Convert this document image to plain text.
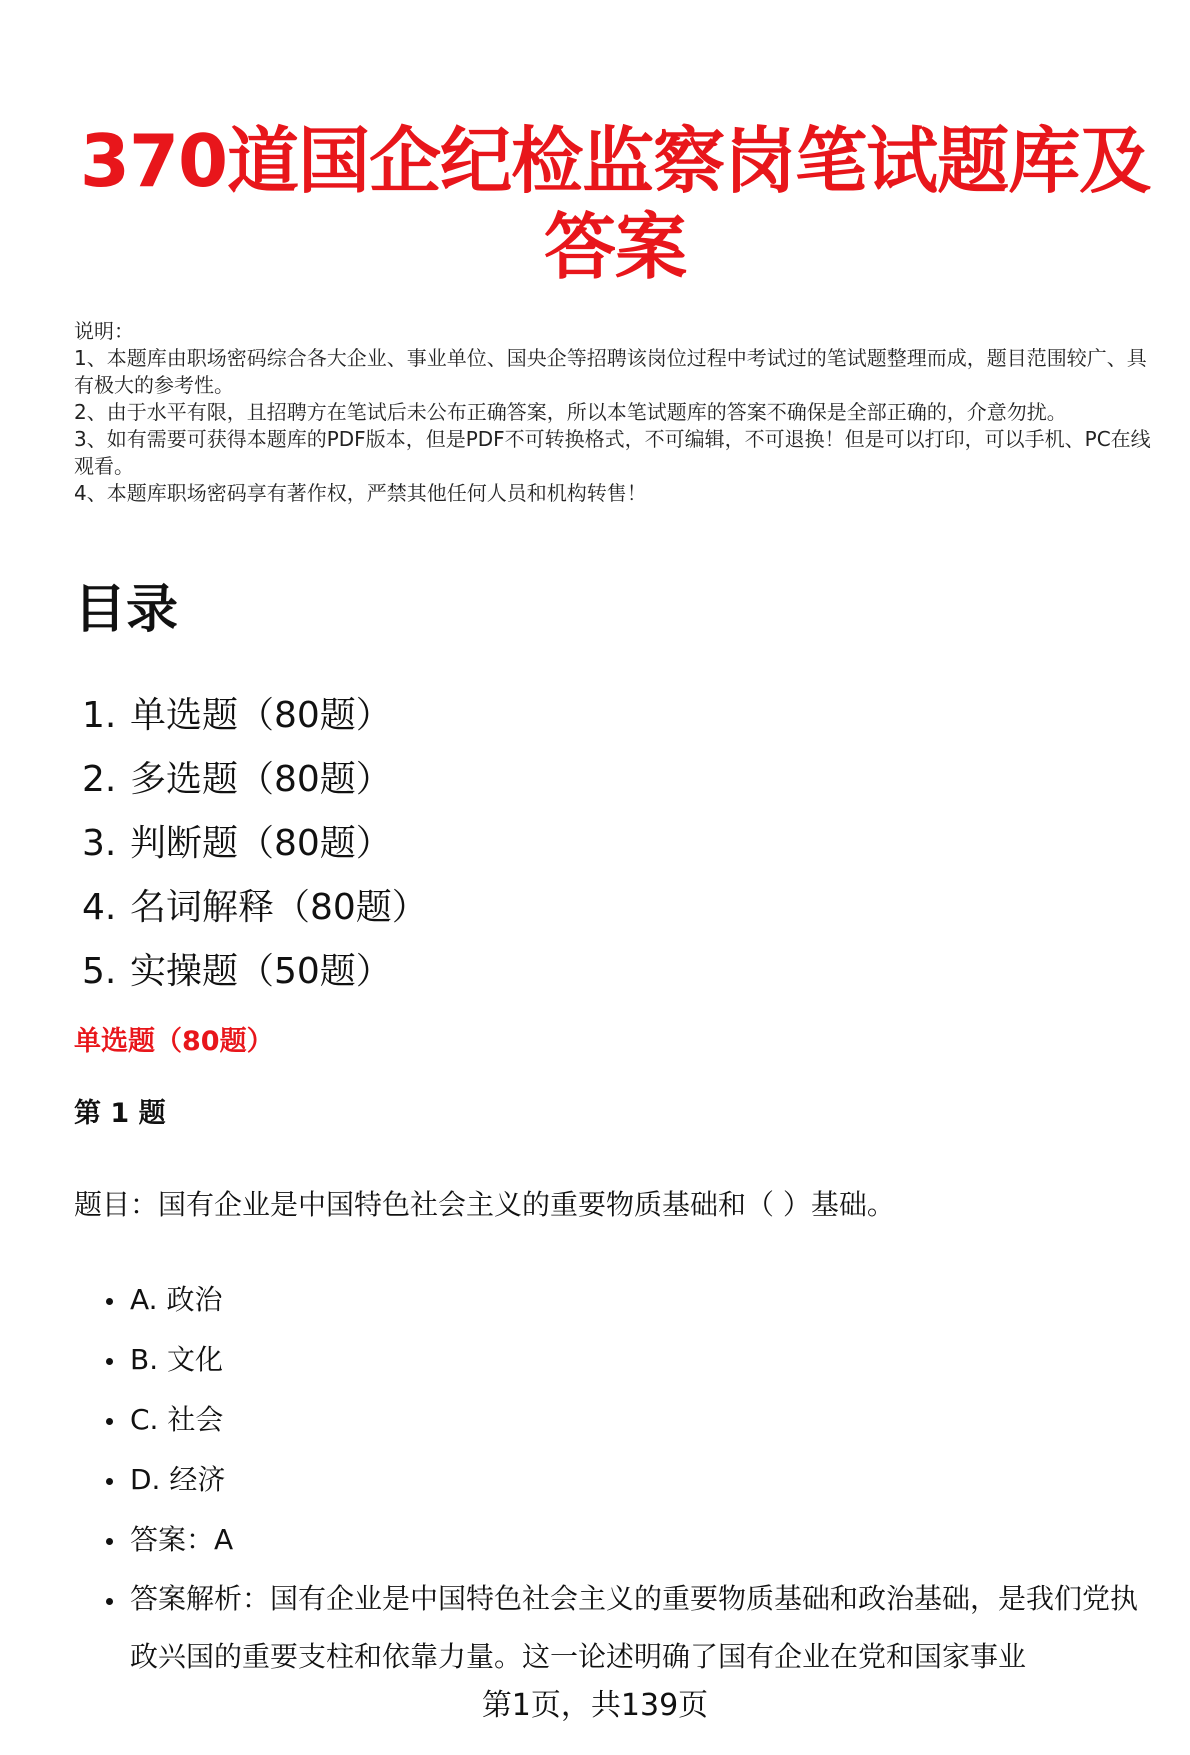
370道国企纪检监察岗笔试题库及答案
说明：
1、本题库由职场密码综合各大企业、事业单位、国央企等招聘该岗位过程中考试过的笔试题整理而成，题目范围较广、具有极大的参考性。
2、由于水平有限，且招聘方在笔试后未公布正确答案，所以本笔试题库的答案不确保是全部正确的，介意勿扰。
3、如有需要可获得本题库的PDF版本，但是PDF不可转换格式，不可编辑，不可退换！但是可以打印，可以手机、PC在线观看。
4、本题库职场密码享有著作权，严禁其他任何人员和机构转售！
目录
1. 单选题（80题）
2. 多选题（80题）
3. 判断题（80题）
4. 名词解释（80题）
5. 实操题（50题）
单选题（80题）
第 1 题
题目：国有企业是中国特色社会主义的重要物质基础和（ ）基础。
A. 政治
B. 文化
C. 社会
D. 经济
答案：A
答案解析：国有企业是中国特色社会主义的重要物质基础和政治基础，是我们党执政兴国的重要支柱和依靠力量。这一论述明确了国有企业在党和国家事业
第1页，共139页
